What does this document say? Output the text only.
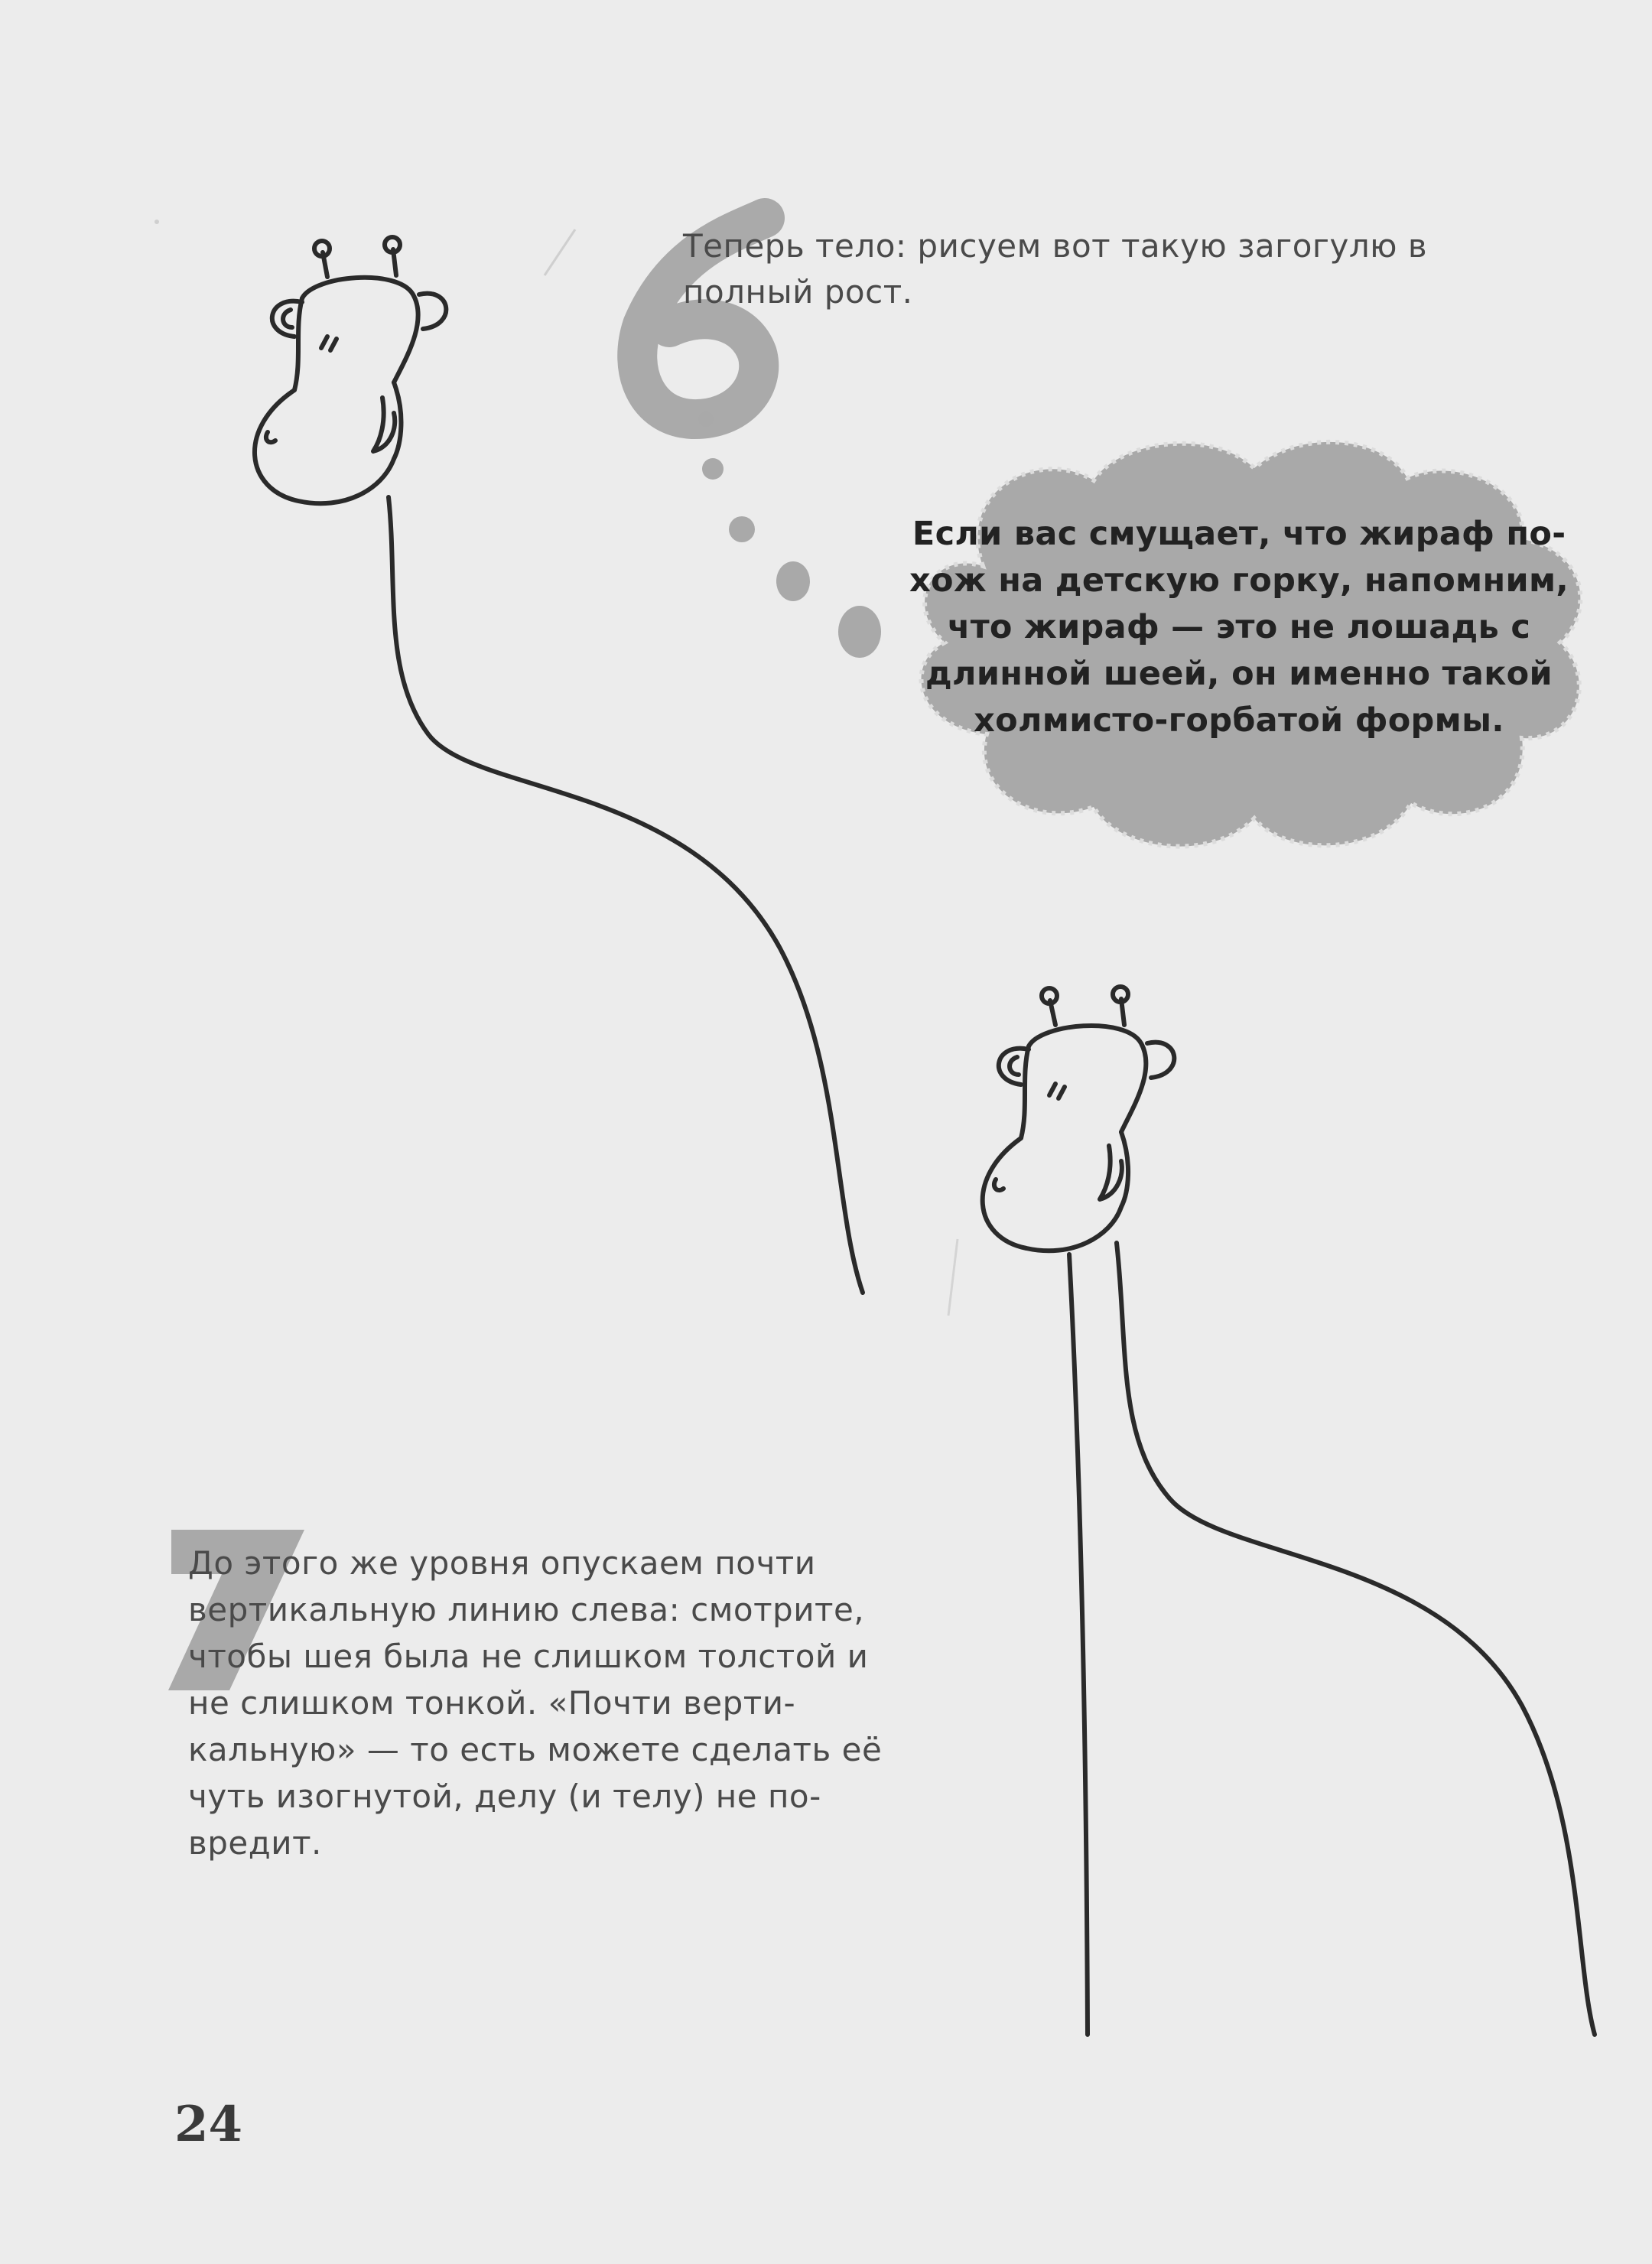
Теперь тело: рисуем вот такую загогулю в полный рост.
Если вас смущает, что жираф похож на детскую горку, напомним, что жираф — это не лошадь с длинной шеей, он именно такой холмисто-горбатой формы.
До этого же уровня опускаем почти вертикальную линию слева: смотрите, чтобы шея была не слишком толстой и не слишком тонкой. «Почти вертикальную» — то есть можете сделать её чуть изогнутой, делу (и телу) не повредит.
24
